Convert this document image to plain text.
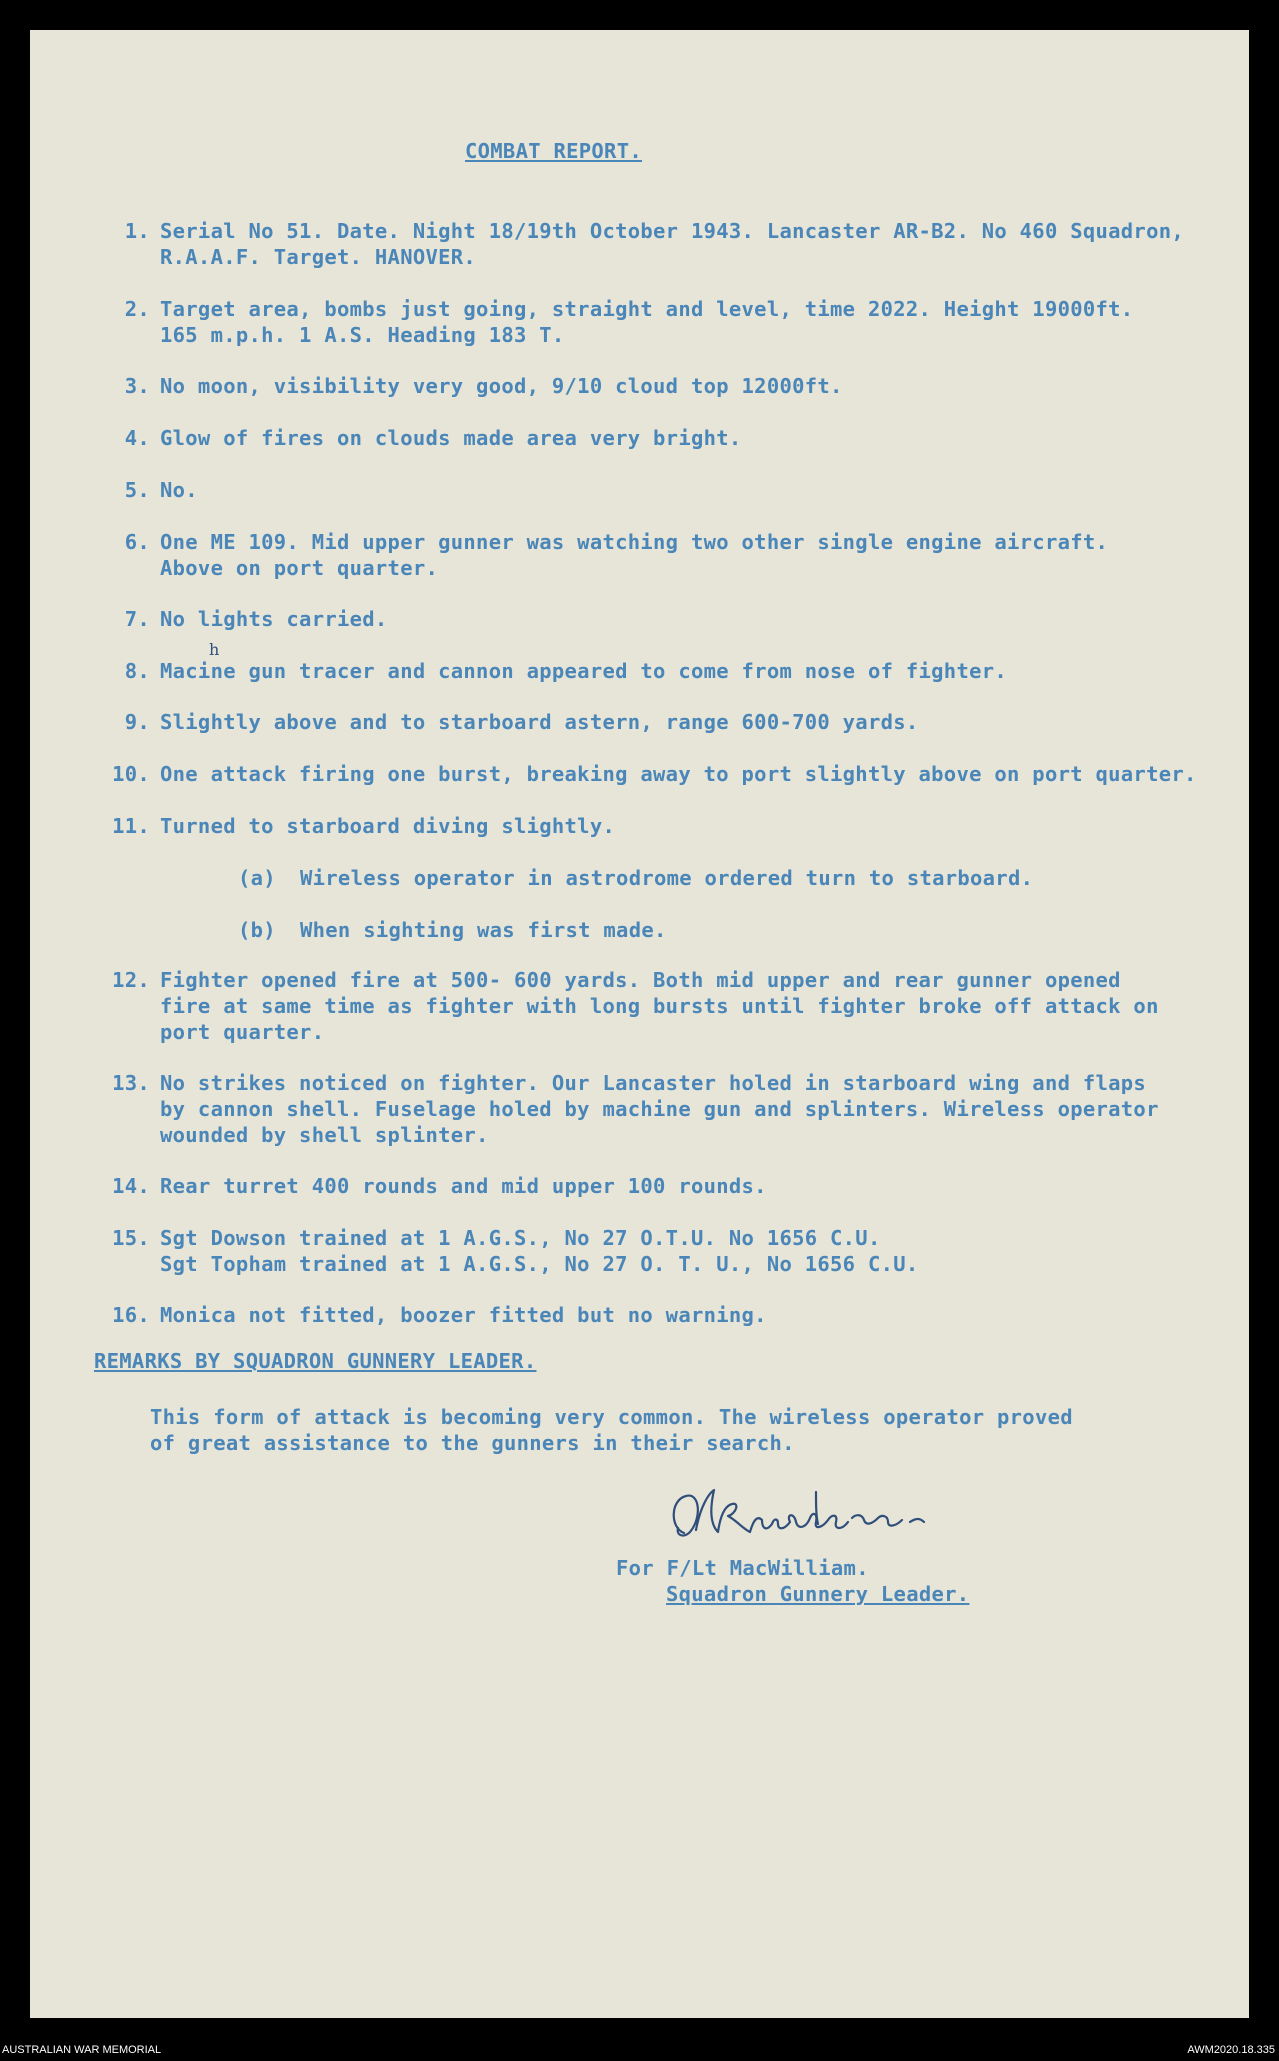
COMBAT REPORT.
1. Serial No 51. Date. Night 18/19th October 1943. Lancaster AR-B2. No 460 Squadron,
R.A.A.F. Target. HANOVER.
2. Target area, bombs just going, straight and level, time 2022. Height 19000ft.
165 m.p.h. 1 A.S. Heading 183 T.
3. No moon, visibility very good, 9/10 cloud top 12000ft.
4. Glow of fires on clouds made area very bright.
5. No.
6. One ME 109. Mid upper gunner was watching two other single engine aircraft.
Above on port quarter.
7. No lights carried.
h
8. Macine gun tracer and cannon appeared to come from nose of fighter.
9. Slightly above and to starboard astern, range 600-700 yards.
10. One attack firing one burst, breaking away to port slightly above on port quarter.
11. Turned to starboard diving slightly.
(a) Wireless operator in astrodrome ordered turn to starboard.
(b) When sighting was first made.
12. Fighter opened fire at 500- 600 yards. Both mid upper and rear gunner opened
fire at same time as fighter with long bursts until fighter broke off attack on
port quarter.
13. No strikes noticed on fighter. Our Lancaster holed in starboard wing and flaps
by cannon shell. Fuselage holed by machine gun and splinters. Wireless operator
wounded by shell splinter.
14. Rear turret 400 rounds and mid upper 100 rounds.
15. Sgt Dowson trained at 1 A.G.S., No 27 O.T.U. No 1656 C.U.
Sgt Topham trained at 1 A.G.S., No 27 O. T. U., No 1656 C.U.
16. Monica not fitted, boozer fitted but no warning.
REMARKS BY SQUADRON GUNNERY LEADER.
This form of attack is becoming very common. The wireless operator proved
of great assistance to the gunners in their search.
For F/Lt MacWilliam.
Squadron Gunnery Leader.
AUSTRALIAN WAR MEMORIAL	AWM2020.18.335
